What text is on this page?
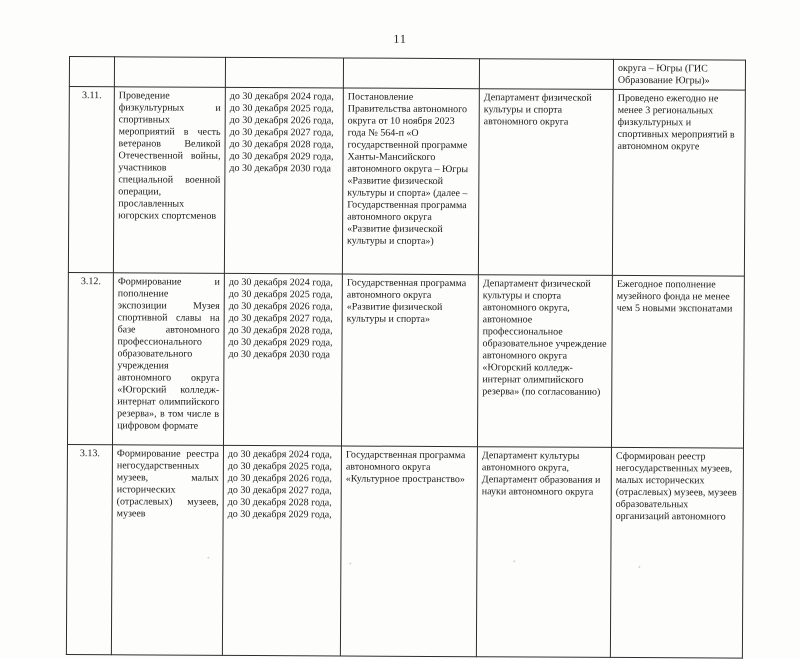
11
					округа – Югры (ГИС Образование Югры)»
3.11.	Проведение физкультурных и спортивных мероприятий в честь ветеранов Великой Отечественной войны, участников специальной военной операции, прославленных югорских спортсменов	до 30 декабря 2024 года,
до 30 декабря 2025 года,
до 30 декабря 2026 года,
до 30 декабря 2027 года,
до 30 декабря 2028 года,
до 30 декабря 2029 года,
до 30 декабря 2030 года	Постановление Правительства автономного округа от 10 ноября 2023 года № 564-п «О государственной программе Ханты-Мансийского автономного округа – Югры «Развитие физической культуры и спорта» (далее – Государственная программа автономного округа «Развитие физической культуры и спорта»)	Департамент физической культуры и спорта автономного округа	Проведено ежегодно не менее 3 региональных физкультурных и спортивных мероприятий в автономном округе
3.12.	Формирование и пополнение экспозиции Музея спортивной славы на базе автономного профессионального образовательного учреждения автономного округа «Югорский колледж-интернат олимпийского резерва», в том числе в цифровом формате	до 30 декабря 2024 года,
до 30 декабря 2025 года,
до 30 декабря 2026 года,
до 30 декабря 2027 года,
до 30 декабря 2028 года,
до 30 декабря 2029 года,
до 30 декабря 2030 года	Государственная программа автономного округа «Развитие физической культуры и спорта»	Департамент физической культуры и спорта автономного округа, автономное профессиональное образовательное учреждение автономного округа «Югорский колледж-интернат олимпийского резерва» (по согласованию)	Ежегодное пополнение музейного фонда не менее чем 5 новыми экспонатами
3.13.	Формирование реестра негосударственных музеев, малых исторических (отраслевых) музеев, музеев	до 30 декабря 2024 года,
до 30 декабря 2025 года,
до 30 декабря 2026 года,
до 30 декабря 2027 года,
до 30 декабря 2028 года,
до 30 декабря 2029 года,	Государственная программа автономного округа «Культурное пространство»	Департамент культуры автономного округа, Департамент образования и науки автономного округа	Сформирован реестр негосударственных музеев, малых исторических (отраслевых) музеев, музеев образовательных организаций автономного
